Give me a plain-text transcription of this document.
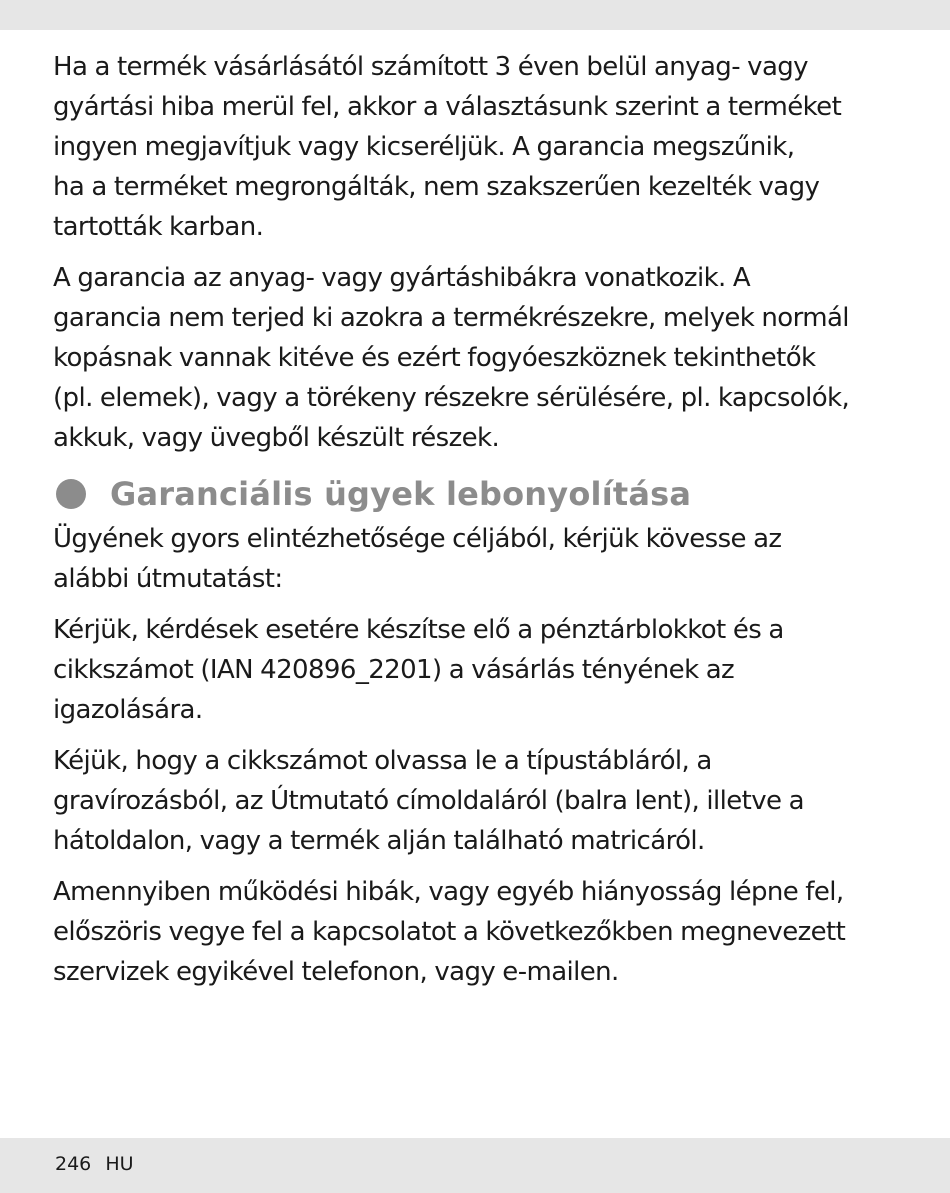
Ha a termék vásárlásától számított 3 éven belül anyag- vagy
gyártási hiba merül fel, akkor a választásunk szerint a terméket
ingyen megjavítjuk vagy kicseréljük. A garancia megszűnik,
ha a terméket megrongálták, nem szakszerűen kezelték vagy
tartották karban.
A garancia az anyag- vagy gyártáshibákra vonatkozik. A
garancia nem terjed ki azokra a termékrészekre, melyek normál
kopásnak vannak kitéve és ezért fogyóeszköznek tekinthetők
(pl. elemek), vagy a törékeny részekre sérülésére, pl. kapcsolók,
akkuk, vagy üvegből készült részek.
Garanciális ügyek lebonyolítása
Ügyének gyors elintézhetősége céljából, kérjük kövesse az
alábbi útmutatást:
Kérjük, kérdések esetére készítse elő a pénztárblokkot és a
cikkszámot (IAN 420896_2201) a vásárlás tényének az
igazolására.
Kéjük, hogy a cikkszámot olvassa le a típustábláról, a
gravírozásból, az Útmutató címoldaláról (balra lent), illetve a
hátoldalon, vagy a termék alján található matricáról.
Amennyiben működési hibák, vagy egyéb hiányosság lépne fel,
előszöris vegye fel a kapcsolatot a következőkben megnevezett
szervizek egyikével telefonon, vagy e-mailen.
246 HU
